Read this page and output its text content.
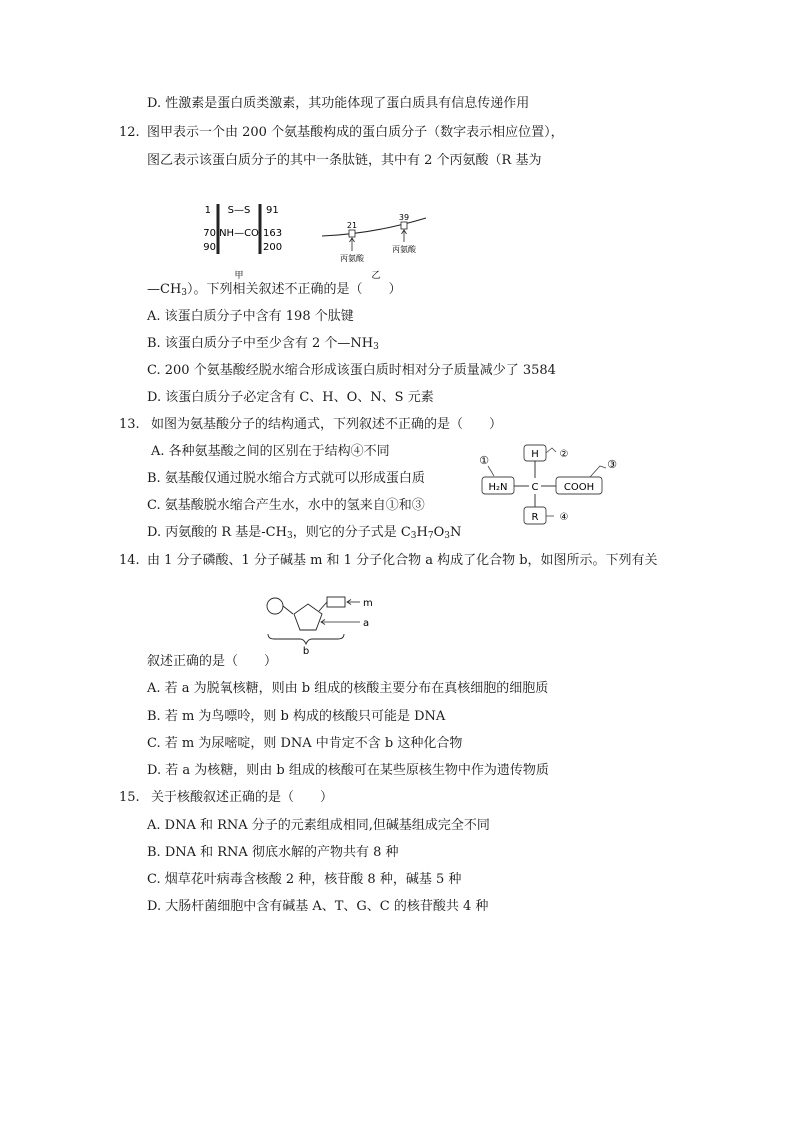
D. 性激素是蛋白质类激素，其功能体现了蛋白质具有信息传递作用
12. 图甲表示一个由 200 个氨基酸构成的蛋白质分子（数字表示相应位置），
图乙表示该蛋白质分子的其中一条肽链，其中有 2 个丙氨酸（R 基为
1 S—S 91
70 NH—CO 163
90	200
甲
21
丙氨酸
39
丙氨酸
乙
$—CH_3$）。下列相关叙述不正确的是（　　）
A. 该蛋白质分子中含有 198 个肽键
B. 该蛋白质分子中至少含有 2 个$—NH_3$
C. 200 个氨基酸经脱水缩合形成该蛋白质时相对分子质量减少了 3584
D. 该蛋白质分子必定含有 C、H、O、N、S 元素
13. 如图为氨基酸分子的结构通式，下列叙述不正确的是（　　）
A. 各种氨基酸之间的区别在于结构④不同
B. 氨基酸仅通过脱水缩合方式就可以形成蛋白质
C. 氨基酸脱水缩合产生水，水中的氢来自①和③
D. 丙氨酸的 R 基是$-CH_3$，则它的分子式是 $C_3H_7O_3N$
H ②
①
H₂N C	COOH
③
R ④
14. 由 1 分子磷酸、1 分子碱基 m 和 1 分子化合物 a 构成了化合物 b，如图所示。下列有关
m
a
b
叙述正确的是（　　）
A. 若 a 为脱氧核糖，则由 b 组成的核酸主要分布在真核细胞的细胞质
B. 若 m 为鸟嘌呤，则 b 构成的核酸只可能是 DNA
C. 若 m 为尿嘧啶，则 DNA 中肯定不含 b 这种化合物
D. 若 a 为核糖，则由 b 组成的核酸可在某些原核生物中作为遗传物质
15. 关于核酸叙述正确的是（　　）
A. DNA 和 RNA 分子的元素组成相同,但碱基组成完全不同
B. DNA 和 RNA 彻底水解的产物共有 8 种
C. 烟草花叶病毒含核酸 2 种，核苷酸 8 种，碱基 5 种
D. 大肠杆菌细胞中含有碱基 A、T、G、C 的核苷酸共 4 种
